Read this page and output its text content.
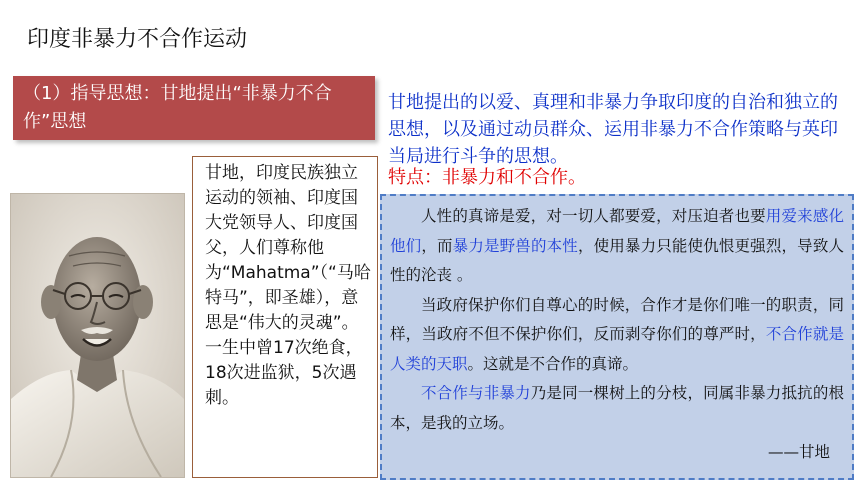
印度非暴力不合作运动
（1）指导思想：甘地提出“非暴力不合作”思想
甘地提出的以爱、真理和非暴力争取印度的自治和独立的思想，以及通过动员群众、运用非暴力不合作策略与英印当局进行斗争的思想。
特点：非暴力和不合作。
甘地，印度民族独立运动的领袖、印度国大党领导人、印度国父，人们尊称他为“Mahatma”（“马哈特马”，即圣雄），意思是“伟大的灵魂”。一生中曾17次绝食，18次进监狱，5次遇刺。

人性的真谛是爱，对一切人都要爱，对压迫者也要用爱来感化他们，而暴力是野兽的本性，使用暴力只能使仇恨更强烈，导致人性的沦丧 。

当政府保护你们自尊心的时候，合作才是你们唯一的职责，同样，当政府不但不保护你们，反而剥夺你们的尊严时，不合作就是人类的天职。这就是不合作的真谛。

不合作与非暴力乃是同一棵树上的分枝，同属非暴力抵抗的根本，是我的立场。

——甘地
